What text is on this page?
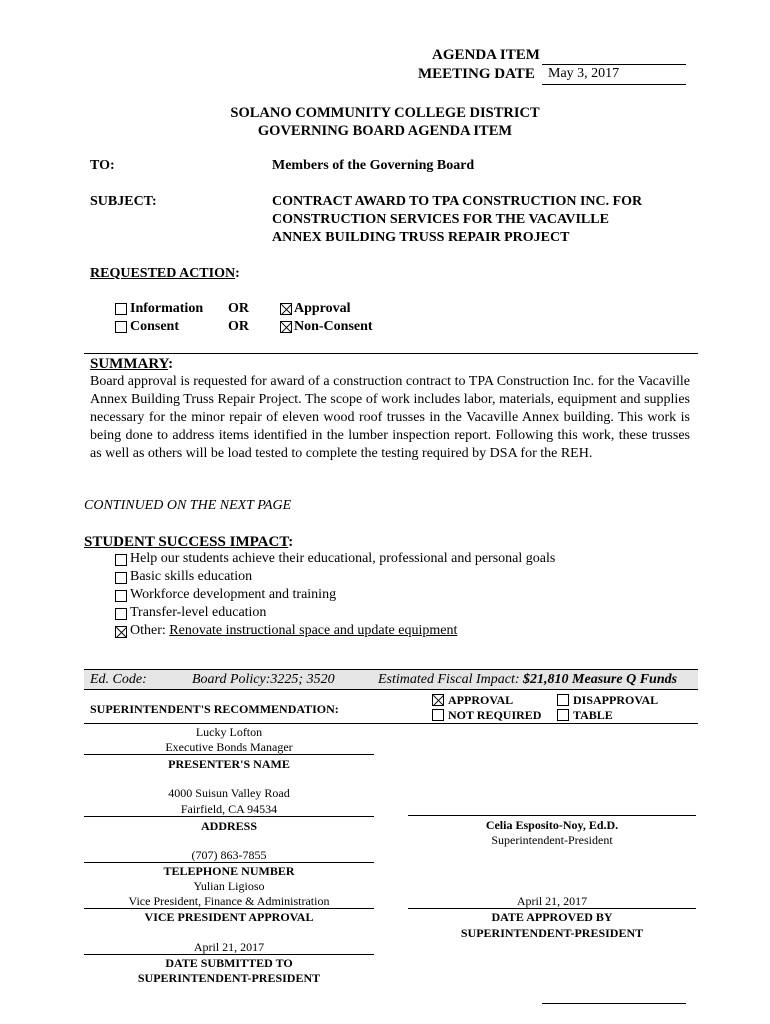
AGENDA ITEM
MEETING DATE May 3, 2017
SOLANO COMMUNITY COLLEGE DISTRICT
GOVERNING BOARD AGENDA ITEM
TO:	Members of the Governing Board
SUBJECT:	CONTRACT AWARD TO TPA CONSTRUCTION INC. FOR
CONSTRUCTION SERVICES FOR THE VACAVILLE
ANNEX BUILDING TRUSS REPAIR PROJECT
REQUESTED ACTION:
Information OR	Approval
Consent	OR	Non-Consent
SUMMARY:
Board approval is requested for award of a construction contract to TPA Construction Inc. for the Vacaville Annex Building Truss Repair Project. The scope of work includes labor, materials, equipment and supplies necessary for the minor repair of eleven wood roof trusses in the Vacaville Annex building. This work is being done to address items identified in the lumber inspection report. Following this work, these trusses as well as others will be load tested to complete the testing required by DSA for the REH.
CONTINUED ON THE NEXT PAGE
STUDENT SUCCESS IMPACT:
Help our students achieve their educational, professional and personal goals
Basic skills education
Workforce development and training
Transfer-level education
Other: Renovate instructional space and update equipment
Ed. Code:	Board Policy:3225; 3520	Estimated Fiscal Impact: $21,810 Measure Q Funds
SUPERINTENDENT'S RECOMMENDATION:
APPROVAL	DISAPPROVAL
NOT REQUIRED	TABLE
Lucky Lofton
Executive Bonds Manager
PRESENTER'S NAME
4000 Suisun Valley Road
Fairfield, CA 94534
ADDRESS
(707) 863-7855
TELEPHONE NUMBER
Yulian Ligioso
Vice President, Finance & Administration
VICE PRESIDENT APPROVAL
April 21, 2017
DATE SUBMITTED TO
SUPERINTENDENT-PRESIDENT
Celia Esposito-Noy, Ed.D.
Superintendent-President
April 21, 2017
DATE APPROVED BY
SUPERINTENDENT-PRESIDENT
